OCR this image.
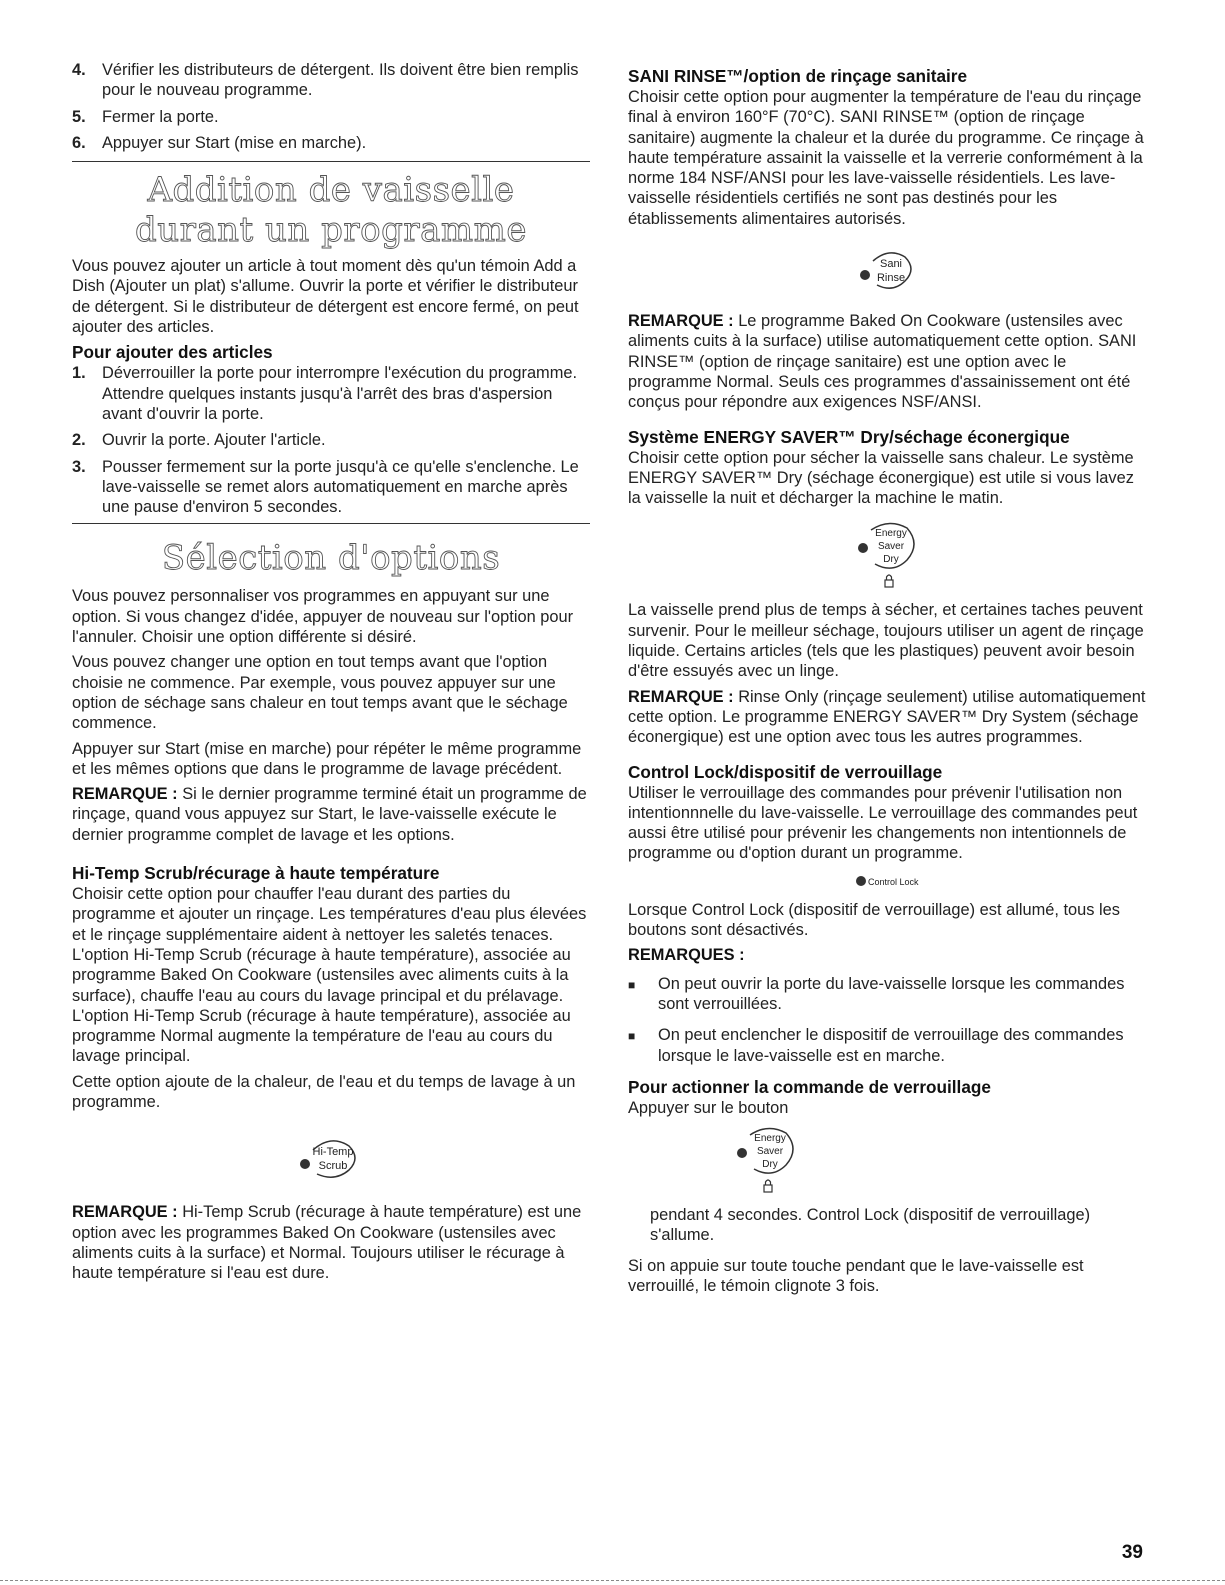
4. Vérifier les distributeurs de détergent. Ils doivent être bien remplis pour le nouveau programme.
5. Fermer la porte.
6. Appuyer sur Start (mise en marche).
Addition de vaisselle
durant un programme

Vous pouvez ajouter un article à tout moment dès qu'un témoin Add a Dish (Ajouter un plat) s'allume. Ouvrir la porte et vérifier le distributeur de détergent. Si le distributeur de détergent est encore fermé, on peut ajouter des articles.

Pour ajouter des articles
1. Déverrouiller la porte pour interrompre l'exécution du programme. Attendre quelques instants jusqu'à l'arrêt des bras d'aspersion avant d'ouvrir la porte.
2. Ouvrir la porte. Ajouter l'article.
3. Pousser fermement sur la porte jusqu'à ce qu'elle s'enclenche. Le lave-vaisselle se remet alors automatiquement en marche après une pause d'environ 5 secondes.
Sélection d'options

Vous pouvez personnaliser vos programmes en appuyant sur une option. Si vous changez d'idée, appuyer de nouveau sur l'option pour l'annuler. Choisir une option différente si désiré.

Vous pouvez changer une option en tout temps avant que l'option choisie ne commence. Par exemple, vous pouvez appuyer sur une option de séchage sans chaleur en tout temps avant que le séchage commence.

Appuyer sur Start (mise en marche) pour répéter le même programme et les mêmes options que dans le programme de lavage précédent.

REMARQUE : Si le dernier programme terminé était un programme de rinçage, quand vous appuyez sur Start, le lave-vaisselle exécute le dernier programme complet de lavage et les options.

Hi-Temp Scrub/récurage à haute température

Choisir cette option pour chauffer l'eau durant des parties du programme et ajouter un rinçage. Les températures d'eau plus élevées et le rinçage supplémentaire aident à nettoyer les saletés tenaces. L'option Hi-Temp Scrub (récurage à haute température), associée au programme Baked On Cookware (ustensiles avec aliments cuits à la surface), chauffe l'eau au cours du lavage principal et du prélavage. L'option Hi-Temp Scrub (récurage à haute température), associée au programme Normal augmente la température de l'eau au cours du lavage principal.

Cette option ajoute de la chaleur, de l'eau et du temps de lavage à un programme.

Hi-Temp
Scrub

REMARQUE : Hi-Temp Scrub (récurage à haute température) est une option avec les programmes Baked On Cookware (ustensiles avec aliments cuits à la surface) et Normal. Toujours utiliser le récurage à haute température si l'eau est dure.

SANI RINSE™/option de rinçage sanitaire

Choisir cette option pour augmenter la température de l'eau du rinçage final à environ 160°F (70°C). SANI RINSE™ (option de rinçage sanitaire) augmente la chaleur et la durée du programme. Ce rinçage à haute température assainit la vaisselle et la verrerie conformément à la norme 184 NSF/ANSI pour les lave-vaisselle résidentiels. Les lave-vaisselle résidentiels certifiés ne sont pas destinés pour les établissements alimentaires autorisés.

Sani
Rinse

REMARQUE : Le programme Baked On Cookware (ustensiles avec aliments cuits à la surface) utilise automatiquement cette option. SANI RINSE™ (option de rinçage sanitaire) est une option avec le programme Normal. Seuls ces programmes d'assainissement ont été conçus pour répondre aux exigences NSF/ANSI.

Système ENERGY SAVER™ Dry/séchage éconergique

Choisir cette option pour sécher la vaisselle sans chaleur. Le système ENERGY SAVER™ Dry (séchage éconergique) est utile si vous lavez la vaisselle la nuit et décharger la machine le matin.

Energy
Saver
Dry

La vaisselle prend plus de temps à sécher, et certaines taches peuvent survenir. Pour le meilleur séchage, toujours utiliser un agent de rinçage liquide. Certains articles (tels que les plastiques) peuvent avoir besoin d'être essuyés avec un linge.

REMARQUE : Rinse Only (rinçage seulement) utilise automatiquement cette option. Le programme ENERGY SAVER™ Dry System (séchage éconergique) est une option avec tous les autres programmes.

Control Lock/dispositif de verrouillage

Utiliser le verrouillage des commandes pour prévenir l'utilisation non intentionnnelle du lave-vaisselle. Le verrouillage des commandes peut aussi être utilisé pour prévenir les changements non intentionnels de programme ou d'option durant un programme.

Control Lock

Lorsque Control Lock (dispositif de verrouillage) est allumé, tous les boutons sont désactivés.

REMARQUES :

■	On peut ouvrir la porte du lave-vaisselle lorsque les commandes sont verrouillées.
■	On peut enclencher le dispositif de verrouillage des commandes lorsque le lave-vaisselle est en marche.
Pour actionner la commande de verrouillage

Appuyer sur le bouton

Energy
Saver
Dry

pendant 4 secondes. Control Lock (dispositif de verrouillage) s'allume.

Si on appuie sur toute touche pendant que le lave-vaisselle est verrouillé, le témoin clignote 3 fois.

39
